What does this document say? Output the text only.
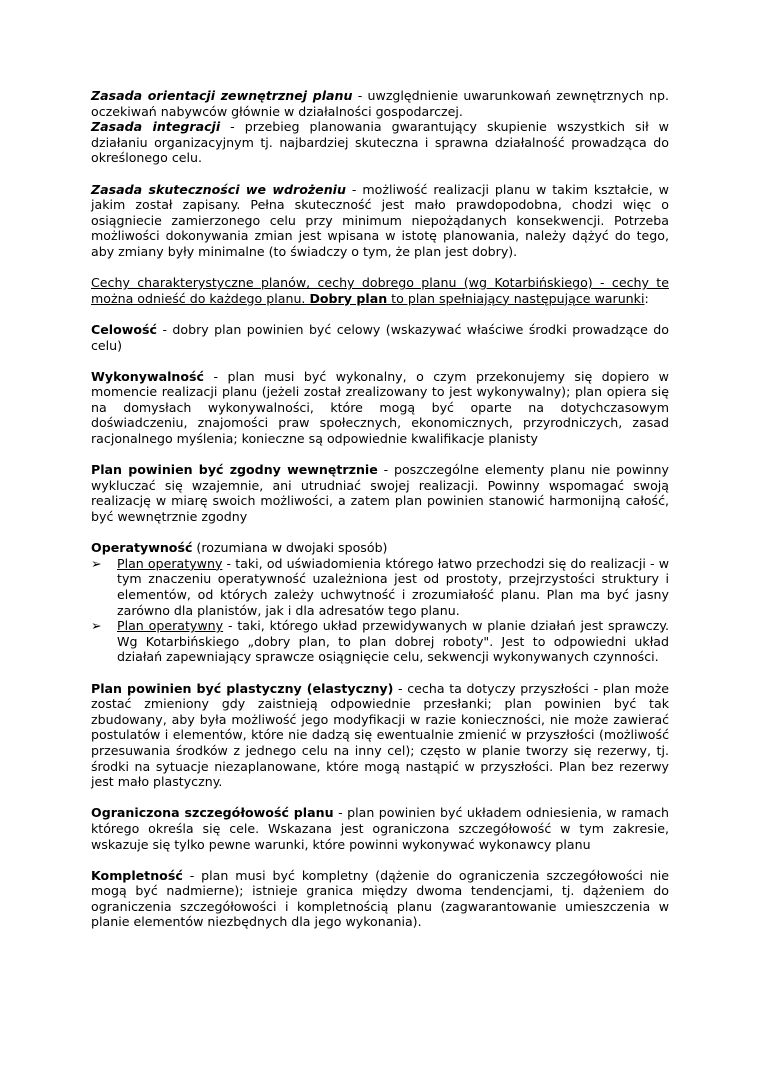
Zasada orientacji zewnętrznej planu - uwzględnienie uwarunkowań zewnętrznych np. oczekiwań nabywców głównie w działalności gospodarczej.

Zasada integracji - przebieg planowania gwarantujący skupienie wszystkich sił w działaniu organizacyjnym tj. najbardziej skuteczna i sprawna działalność prowadząca do określonego celu.

Zasada skuteczności we wdrożeniu - możliwość realizacji planu w takim kształcie, w jakim został zapisany. Pełna skuteczność jest mało prawdopodobna, chodzi więc o osiągniecie zamierzonego celu przy minimum niepożądanych konsekwencji. Potrzeba możliwości dokonywania zmian jest wpisana w istotę planowania, należy dążyć do tego, aby zmiany były minimalne (to świadczy o tym, że plan jest dobry).

Cechy charakterystyczne planów, cechy dobrego planu (wg Kotarbińskiego) - cechy te można odnieść do każdego planu. Dobry plan to plan spełniający następujące warunki:

Celowość - dobry plan powinien być celowy (wskazywać właściwe środki prowadzące do celu)

Wykonywalność - plan musi być wykonalny, o czym przekonujemy się dopiero w momencie realizacji planu (jeżeli został zrealizowany to jest wykonywalny); plan opiera się na domysłach wykonywalności, które mogą być oparte na dotychczasowym doświadczeniu, znajomości praw społecznych, ekonomicznych, przyrodniczych, zasad racjonalnego myślenia; konieczne są odpowiednie kwalifikacje planisty

Plan powinien być zgodny wewnętrznie - poszczególne elementy planu nie powinny wykluczać się wzajemnie, ani utrudniać swojej realizacji. Powinny wspomagać swoją realizację w miarę swoich możliwości, a zatem plan powinien stanowić harmonijną całość, być wewnętrznie zgodny

Operatywność (rozumiana w dwojaki sposób)

➢	Plan operatywny - taki, od uświadomienia którego łatwo przechodzi się do realizacji - w tym znaczeniu operatywność uzależniona jest od prostoty, przejrzystości struktury i elementów, od których zależy uchwytność i zrozumiałość planu. Plan ma być jasny zarówno dla planistów, jak i dla adresatów tego planu.
➢	Plan operatywny - taki, którego układ przewidywanych w planie działań jest sprawczy. Wg Kotarbińskiego „dobry plan, to plan dobrej roboty". Jest to odpowiedni układ działań zapewniający sprawcze osiągnięcie celu, sekwencji wykonywanych czynności.

Plan powinien być plastyczny (elastyczny) - cecha ta dotyczy przyszłości - plan może zostać zmieniony gdy zaistnieją odpowiednie przesłanki; plan powinien być tak zbudowany, aby była możliwość jego modyfikacji w razie konieczności, nie może zawierać postulatów i elementów, które nie dadzą się ewentualnie zmienić w przyszłości (możliwość przesuwania środków z jednego celu na inny cel); często w planie tworzy się rezerwy, tj. środki na sytuacje niezaplanowane, które mogą nastąpić w przyszłości. Plan bez rezerwy jest mało plastyczny.

Ograniczona szczegółowość planu - plan powinien być układem odniesienia, w ramach którego określa się cele. Wskazana jest ograniczona szczegółowość w tym zakresie, wskazuje się tylko pewne warunki, które powinni wykonywać wykonawcy planu

Kompletność - plan musi być kompletny (dążenie do ograniczenia szczegółowości nie mogą być nadmierne); istnieje granica między dwoma tendencjami, tj. dążeniem do ograniczenia szczegółowości i kompletnością planu (zagwarantowanie umieszczenia w planie elementów niezbędnych dla jego wykonania).
